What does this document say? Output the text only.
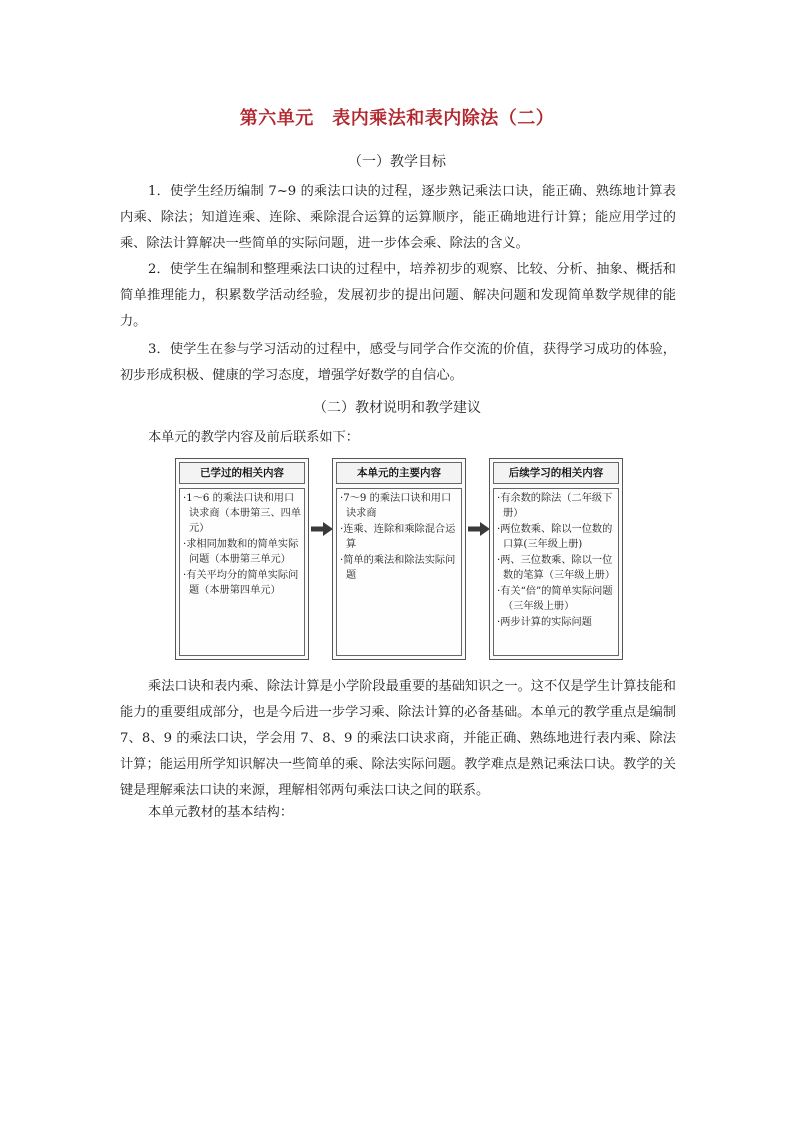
第六单元　表内乘法和表内除法（二）
（一）教学目标
1．使学生经历编制 7~9 的乘法口诀的过程，逐步熟记乘法口诀，能正确、熟练地计算表内乘、除法；知道连乘、连除、乘除混合运算的运算顺序，能正确地进行计算；能应用学过的乘、除法计算解决一些简单的实际问题，进一步体会乘、除法的含义。
2．使学生在编制和整理乘法口诀的过程中，培养初步的观察、比较、分析、抽象、概括和简单推理能力，积累数学活动经验，发展初步的提出问题、解决问题和发现简单数学规律的能力。
3．使学生在参与学习活动的过程中，感受与同学合作交流的价值，获得学习成功的体验，初步形成积极、健康的学习态度，增强学好数学的自信心。
（二）教材说明和教学建议
本单元的教学内容及前后联系如下：
已学过的相关内容
·1～6 的乘法口诀和用口诀求商（本册第三、四单元）
·求相同加数和的简单实际问题（本册第三单元）
·有关平均分的简单实际问题（本册第四单元）
本单元的主要内容
·7～9 的乘法口诀和用口诀求商
·连乘、连除和乘除混合运算
·简单的乘法和除法实际问题
后续学习的相关内容
·有余数的除法（二年级下册）
·两位数乘、除以一位数的口算(三年级上册)
·两、三位数乘、除以一位数的笔算（三年级上册）
·有关“倍”的简单实际问题（三年级上册）
·两步计算的实际问题
乘法口诀和表内乘、除法计算是小学阶段最重要的基础知识之一。这不仅是学生计算技能和能力的重要组成部分，也是今后进一步学习乘、除法计算的必备基础。本单元的教学重点是编制 7、8、9 的乘法口诀，学会用 7、8、9 的乘法口诀求商，并能正确、熟练地进行表内乘、除法计算；能运用所学知识解决一些简单的乘、除法实际问题。教学难点是熟记乘法口诀。教学的关键是理解乘法口诀的来源，理解相邻两句乘法口诀之间的联系。
本单元教材的基本结构：
